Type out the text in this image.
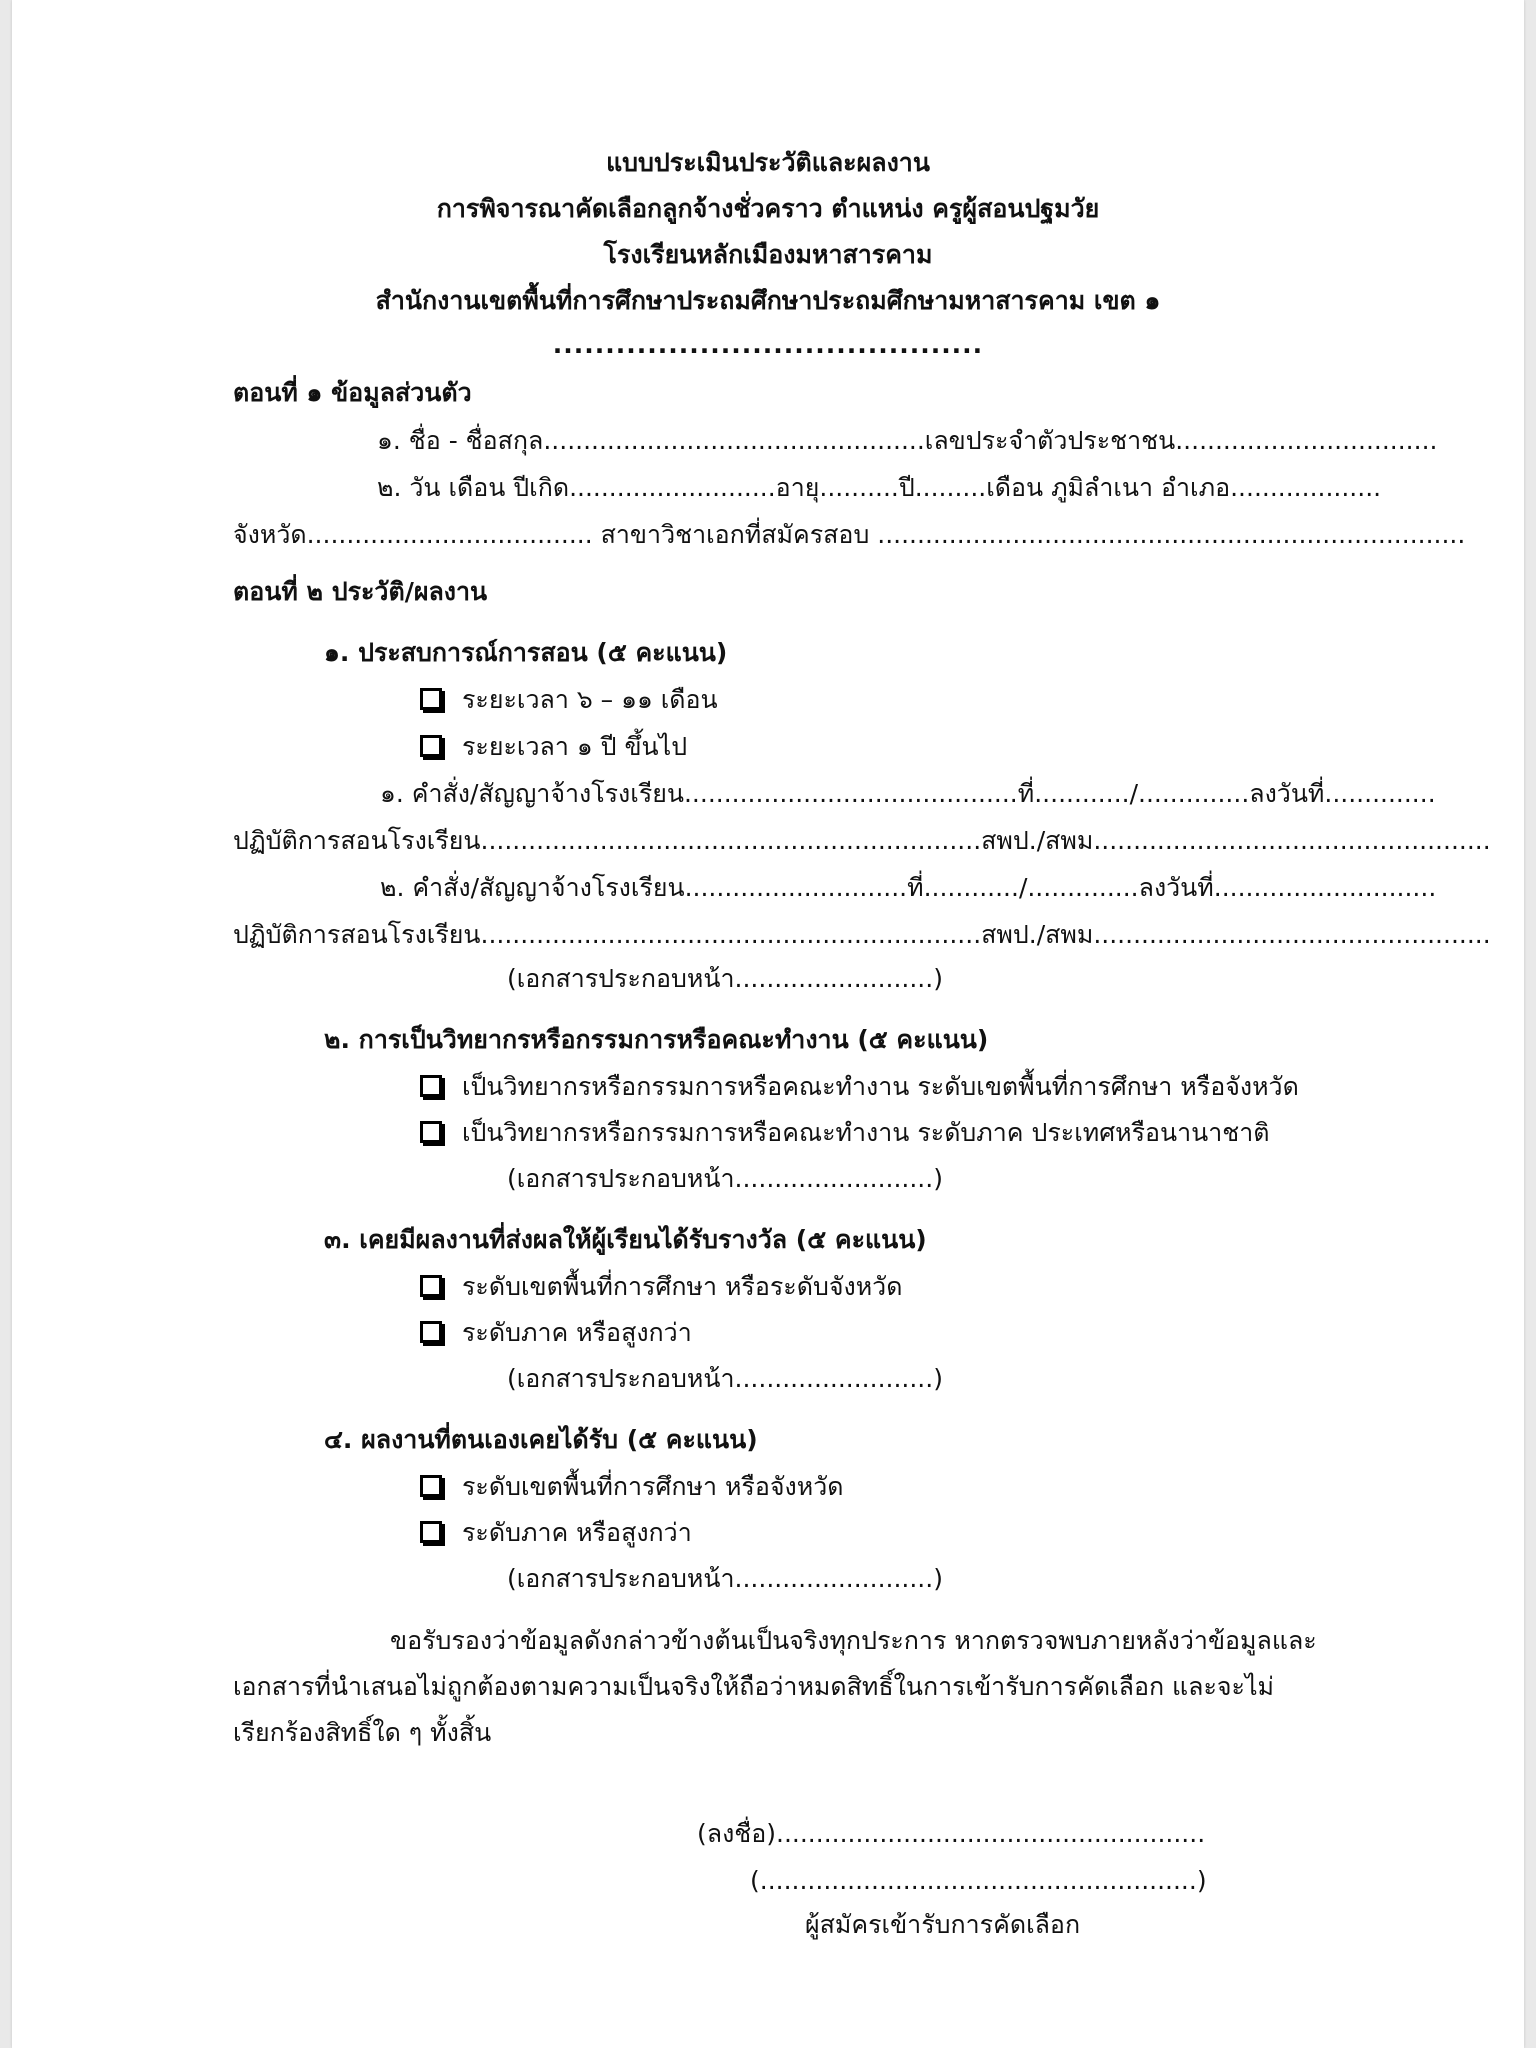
แบบประเมินประวัติและผลงาน
การพิจารณาคัดเลือกลูกจ้างชั่วคราว ตำแหน่ง ครูผู้สอนปฐมวัย
โรงเรียนหลักเมืองมหาสารคาม
สำนักงานเขตพื้นที่การศึกษาประถมศึกษาประถมศึกษามหาสารคาม เขต ๑
.........................................
ตอนที่ ๑ ข้อมูลส่วนตัว
๑. ชื่อ - ชื่อสกุล................................................เลขประจำตัวประชาชน.................................
๒. วัน เดือน ปีเกิด..........................อายุ..........ปี.........เดือน ภูมิลำเนา อำเภอ...................
จังหวัด.................................... สาขาวิชาเอกที่สมัครสอบ ..........................................................................
ตอนที่ ๒ ประวัติ/ผลงาน
๑. ประสบการณ์การสอน (๕ คะแนน)
ระยะเวลา ๖ – ๑๑ เดือน
ระยะเวลา ๑ ปี ขึ้นไป
๑. คำสั่ง/สัญญาจ้างโรงเรียน..........................................ที่............/..............ลงวันที่..............
ปฏิบัติการสอนโรงเรียน...............................................................สพป./สพม..................................................
๒. คำสั่ง/สัญญาจ้างโรงเรียน............................ที่............/..............ลงวันที่............................
ปฏิบัติการสอนโรงเรียน...............................................................สพป./สพม..................................................
(เอกสารประกอบหน้า.........................)
๒. การเป็นวิทยากรหรือกรรมการหรือคณะทำงาน (๕ คะแนน)
เป็นวิทยากรหรือกรรมการหรือคณะทำงาน ระดับเขตพื้นที่การศึกษา หรือจังหวัด
เป็นวิทยากรหรือกรรมการหรือคณะทำงาน ระดับภาค ประเทศหรือนานาชาติ
(เอกสารประกอบหน้า.........................)
๓. เคยมีผลงานที่ส่งผลให้ผู้เรียนได้รับรางวัล (๕ คะแนน)
ระดับเขตพื้นที่การศึกษา หรือระดับจังหวัด
ระดับภาค หรือสูงกว่า
(เอกสารประกอบหน้า.........................)
๔. ผลงานที่ตนเองเคยได้รับ (๕ คะแนน)
ระดับเขตพื้นที่การศึกษา หรือจังหวัด
ระดับภาค หรือสูงกว่า
(เอกสารประกอบหน้า.........................)
ขอรับรองว่าข้อมูลดังกล่าวข้างต้นเป็นจริงทุกประการ หากตรวจพบภายหลังว่าข้อมูลและ
เอกสารที่นำเสนอไม่ถูกต้องตามความเป็นจริงให้ถือว่าหมดสิทธิ์ในการเข้ารับการคัดเลือก และจะไม่
เรียกร้องสิทธิ์ใด ๆ ทั้งสิ้น
(ลงชื่อ)......................................................
(.......................................................)
ผู้สมัครเข้ารับการคัดเลือก
